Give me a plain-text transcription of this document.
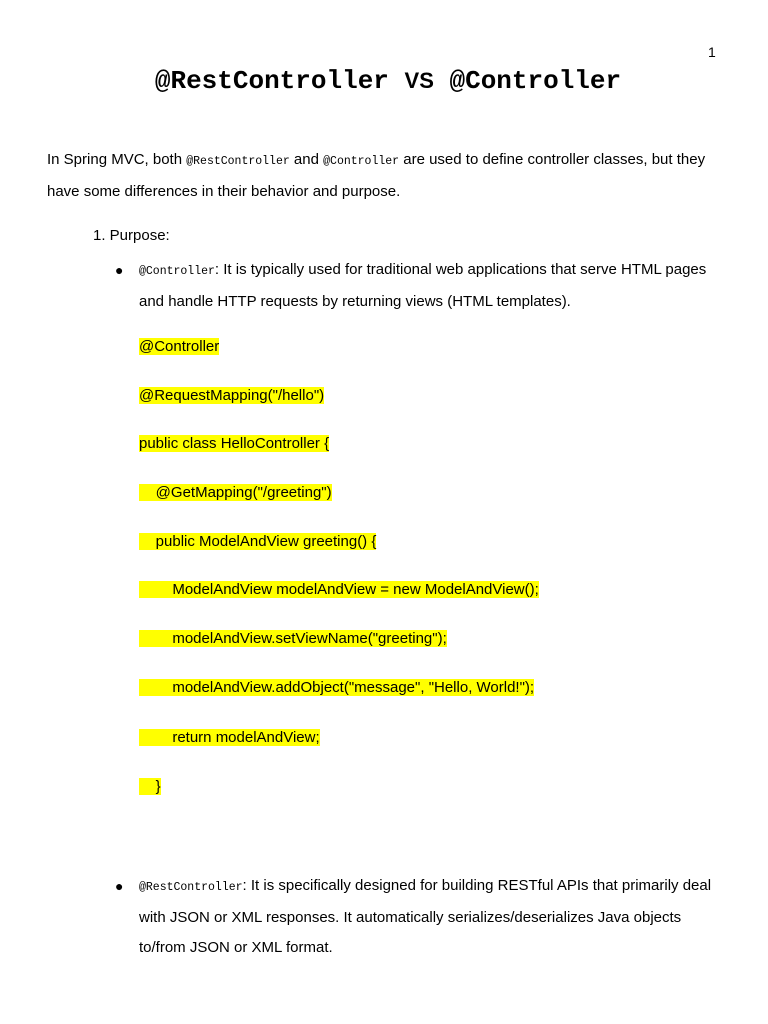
1
@RestController VS @Controller
In Spring MVC, both @RestController and @Controller are used to define controller classes, but they have some differences in their behavior and purpose.
1. Purpose:
● @Controller: It is typically used for traditional web applications that serve HTML pages and handle HTTP requests by returning views (HTML templates).
@Controller
@RequestMapping("/hello")
public class HelloController {
@GetMapping("/greeting")
public ModelAndView greeting() {
ModelAndView modelAndView = new ModelAndView();
modelAndView.setViewName("greeting");
modelAndView.addObject("message", "Hello, World!");
return modelAndView;
}
● @RestController: It is specifically designed for building RESTful APIs that primarily deal with JSON or XML responses. It automatically serializes/deserializes Java objects to/from JSON or XML format.
